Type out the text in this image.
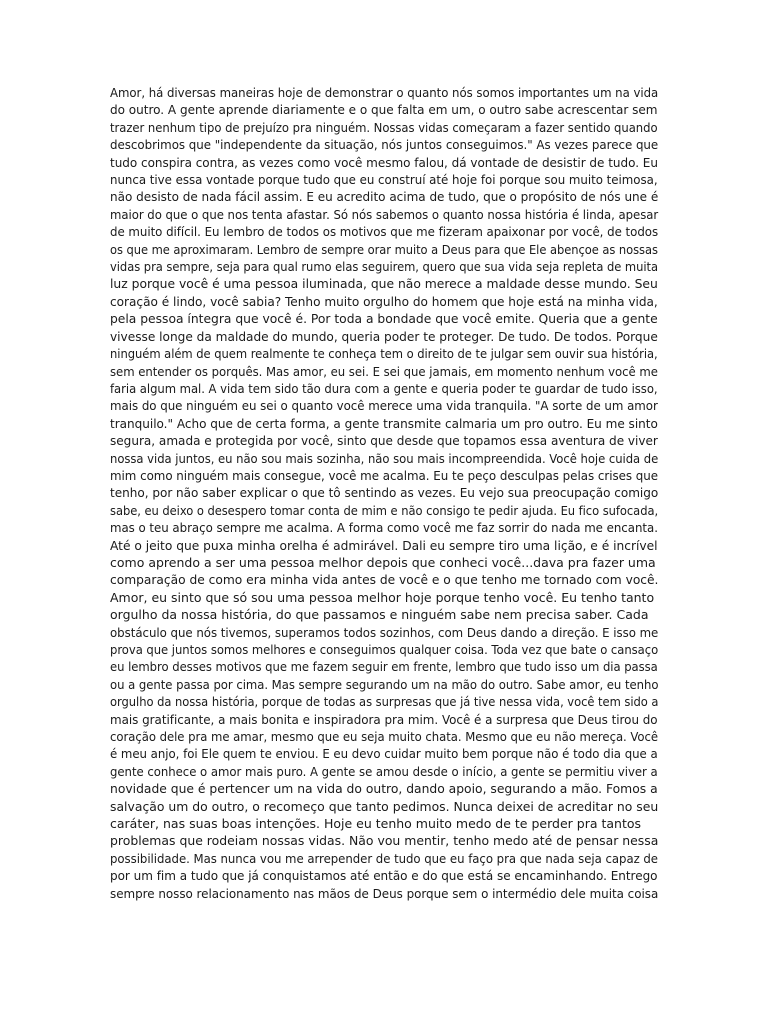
Amor, há diversas maneiras hoje de demonstrar o quanto nós somos importantes um na vida
do outro. A gente aprende diariamente e o que falta em um, o outro sabe acrescentar sem
trazer nenhum tipo de prejuízo pra ninguém. Nossas vidas começaram a fazer sentido quando
descobrimos que "independente da situação, nós juntos conseguimos." As vezes parece que
tudo conspira contra, as vezes como você mesmo falou, dá vontade de desistir de tudo. Eu
nunca tive essa vontade porque tudo que eu construí até hoje foi porque sou muito teimosa,
não desisto de nada fácil assim. E eu acredito acima de tudo, que o propósito de nós une é
maior do que o que nos tenta afastar. Só nós sabemos o quanto nossa história é linda, apesar
de muito difícil. Eu lembro de todos os motivos que me fizeram apaixonar por você, de todos
os que me aproximaram. Lembro de sempre orar muito a Deus para que Ele abençoe as nossas
vidas pra sempre, seja para qual rumo elas seguirem, quero que sua vida seja repleta de muita
luz porque você é uma pessoa iluminada, que não merece a maldade desse mundo. Seu
coração é lindo, você sabia? Tenho muito orgulho do homem que hoje está na minha vida,
pela pessoa íntegra que você é. Por toda a bondade que você emite. Queria que a gente
vivesse longe da maldade do mundo, queria poder te proteger. De tudo. De todos. Porque
ninguém além de quem realmente te conheça tem o direito de te julgar sem ouvir sua história,
sem entender os porquês. Mas amor, eu sei. E sei que jamais, em momento nenhum você me
faria algum mal. A vida tem sido tão dura com a gente e queria poder te guardar de tudo isso,
mais do que ninguém eu sei o quanto você merece uma vida tranquila. "A sorte de um amor
tranquilo." Acho que de certa forma, a gente transmite calmaria um pro outro. Eu me sinto
segura, amada e protegida por você, sinto que desde que topamos essa aventura de viver
nossa vida juntos, eu não sou mais sozinha, não sou mais incompreendida. Você hoje cuida de
mim como ninguém mais consegue, você me acalma. Eu te peço desculpas pelas crises que
tenho, por não saber explicar o que tô sentindo as vezes. Eu vejo sua preocupação comigo
sabe, eu deixo o desespero tomar conta de mim e não consigo te pedir ajuda. Eu fico sufocada,
mas o teu abraço sempre me acalma. A forma como você me faz sorrir do nada me encanta.
Até o jeito que puxa minha orelha é admirável. Dali eu sempre tiro uma lição, e é incrível

como aprendo a ser uma pessoa melhor depois que conheci você...dava pra fazer uma
comparação de como era minha vida antes de você e o que tenho me tornado com você.

Amor, eu sinto que só sou uma pessoa melhor hoje porque tenho você. Eu tenho tanto
orgulho da nossa história, do que passamos e ninguém sabe nem precisa saber. Cada
obstáculo que nós tivemos, superamos todos sozinhos, com Deus dando a direção. E isso me
prova que juntos somos melhores e conseguimos qualquer coisa. Toda vez que bate o cansaço
eu lembro desses motivos que me fazem seguir em frente, lembro que tudo isso um dia passa
ou a gente passa por cima. Mas sempre segurando um na mão do outro. Sabe amor, eu tenho
orgulho da nossa história, porque de todas as surpresas que já tive nessa vida, você tem sido a
mais gratificante, a mais bonita e inspiradora pra mim. Você é a surpresa que Deus tirou do
coração dele pra me amar, mesmo que eu seja muito chata. Mesmo que eu não mereça. Você
é meu anjo, foi Ele quem te enviou. E eu devo cuidar muito bem porque não é todo dia que a
gente conhece o amor mais puro. A gente se amou desde o início, a gente se permitiu viver a
novidade que é pertencer um na vida do outro, dando apoio, segurando a mão. Fomos a
salvação um do outro, o recomeço que tanto pedimos. Nunca deixei de acreditar no seu

caráter, nas suas boas intenções. Hoje eu tenho muito medo de te perder pra tantos
problemas que rodeiam nossas vidas. Não vou mentir, tenho medo até de pensar nessa
possibilidade. Mas nunca vou me arrepender de tudo que eu faço pra que nada seja capaz de
por um fim a tudo que já conquistamos até então e do que está se encaminhando. Entrego
sempre nosso relacionamento nas mãos de Deus porque sem o intermédio dele muita coisa
